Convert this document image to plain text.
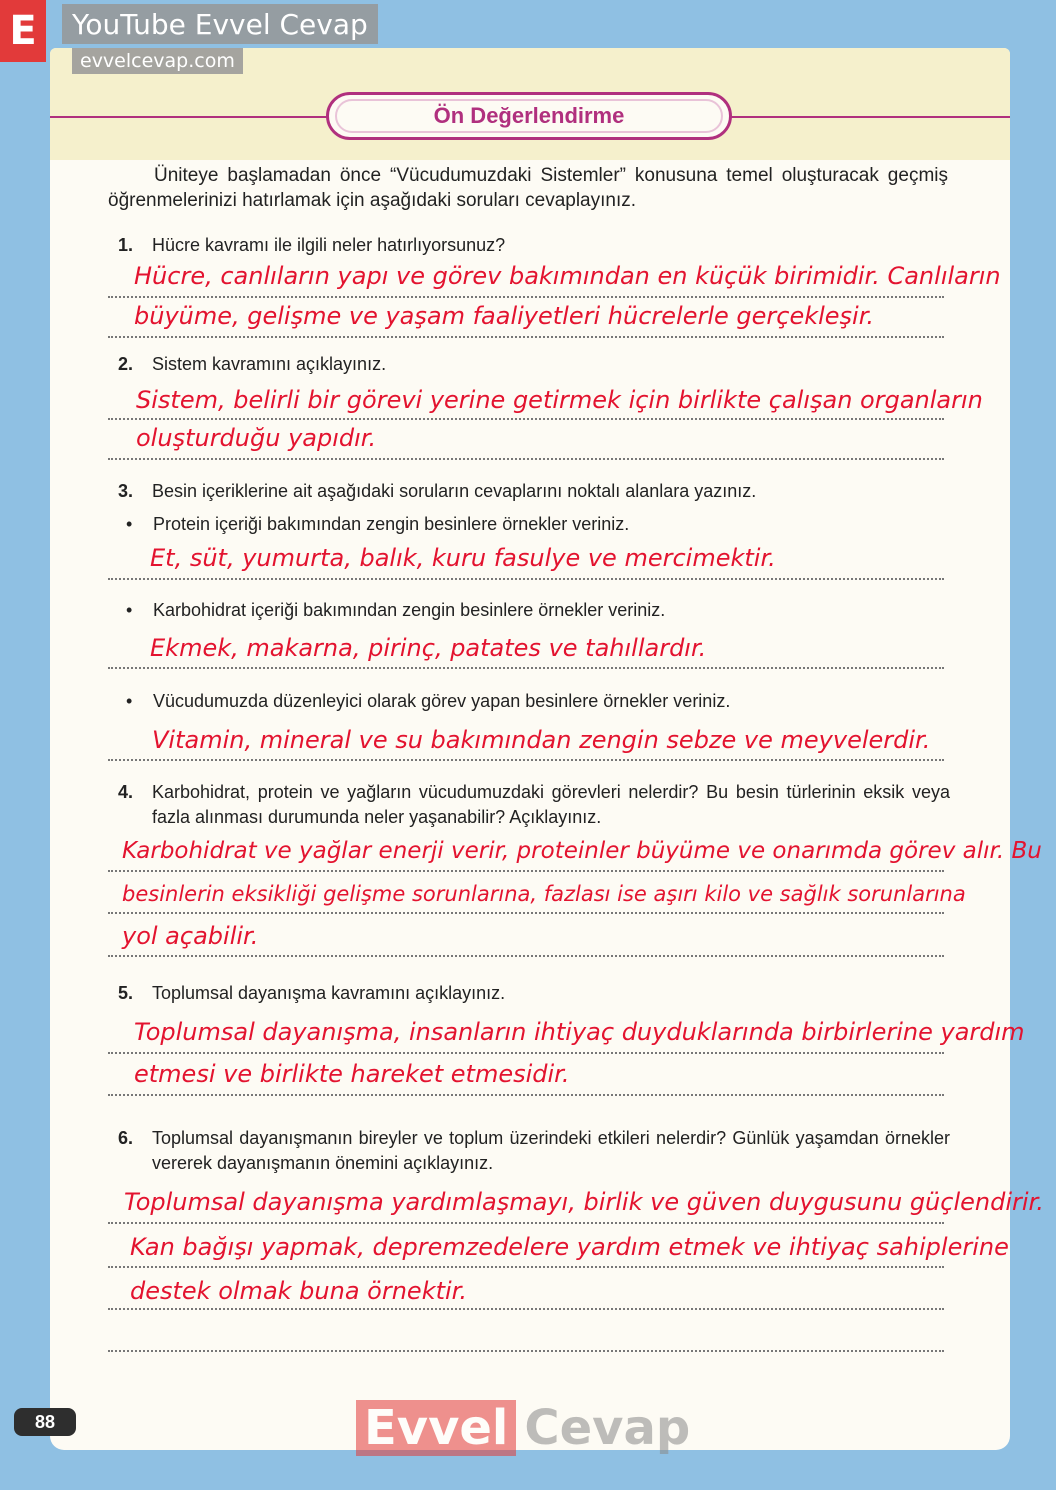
E	YouTube Evvel Cevap
evvelcevap.com
Ön Değerlendirme

Üniteye başlamadan önce “Vücudumuzdaki Sistemler” konusuna temel oluşturacak geçmiş öğrenmelerinizi hatırlamak için aşağıdaki soruları cevaplayınız.

1. Hücre kavramı ile ilgili neler hatırlıyorsunuz?
Hücre, canlıların yapı ve görev bakımından en küçük birimidir. Canlıların
büyüme, gelişme ve yaşam faaliyetleri hücrelerle gerçekleşir.
2. Sistem kavramını açıklayınız.
Sistem, belirli bir görevi yerine getirmek için birlikte çalışan organların
oluşturduğu yapıdır.
3. Besin içeriklerine ait aşağıdaki soruların cevaplarını noktalı alanlara yazınız.
• Protein içeriği bakımından zengin besinlere örnekler veriniz.
Et, süt, yumurta, balık, kuru fasulye ve mercimektir.
• Karbohidrat içeriği bakımından zengin besinlere örnekler veriniz.
Ekmek, makarna, pirinç, patates ve tahıllardır.
• Vücudumuzda düzenleyici olarak görev yapan besinlere örnekler veriniz.
Vitamin, mineral ve su bakımından zengin sebze ve meyvelerdir.
4. Karbohidrat, protein ve yağların vücudumuzdaki görevleri nelerdir? Bu besin türlerinin eksik veya fazla alınması durumunda neler yaşanabilir? Açıklayınız.
Karbohidrat ve yağlar enerji verir, proteinler büyüme ve onarımda görev alır. Bu
besinlerin eksikliği gelişme sorunlarına, fazlası ise aşırı kilo ve sağlık sorunlarına
yol açabilir.
5. Toplumsal dayanışma kavramını açıklayınız.
Toplumsal dayanışma, insanların ihtiyaç duyduklarında birbirlerine yardım
etmesi ve birlikte hareket etmesidir.
6. Toplumsal dayanışmanın bireyler ve toplum üzerindeki etkileri nelerdir? Günlük yaşamdan örnekler vererek dayanışmanın önemini açıklayınız.
Toplumsal dayanışma yardımlaşmayı, birlik ve güven duygusunu güçlendirir.
Kan bağışı yapmak, depremzedelere yardım etmek ve ihtiyaç sahiplerine
destek olmak buna örnektir.
88	Evvel Cevap
